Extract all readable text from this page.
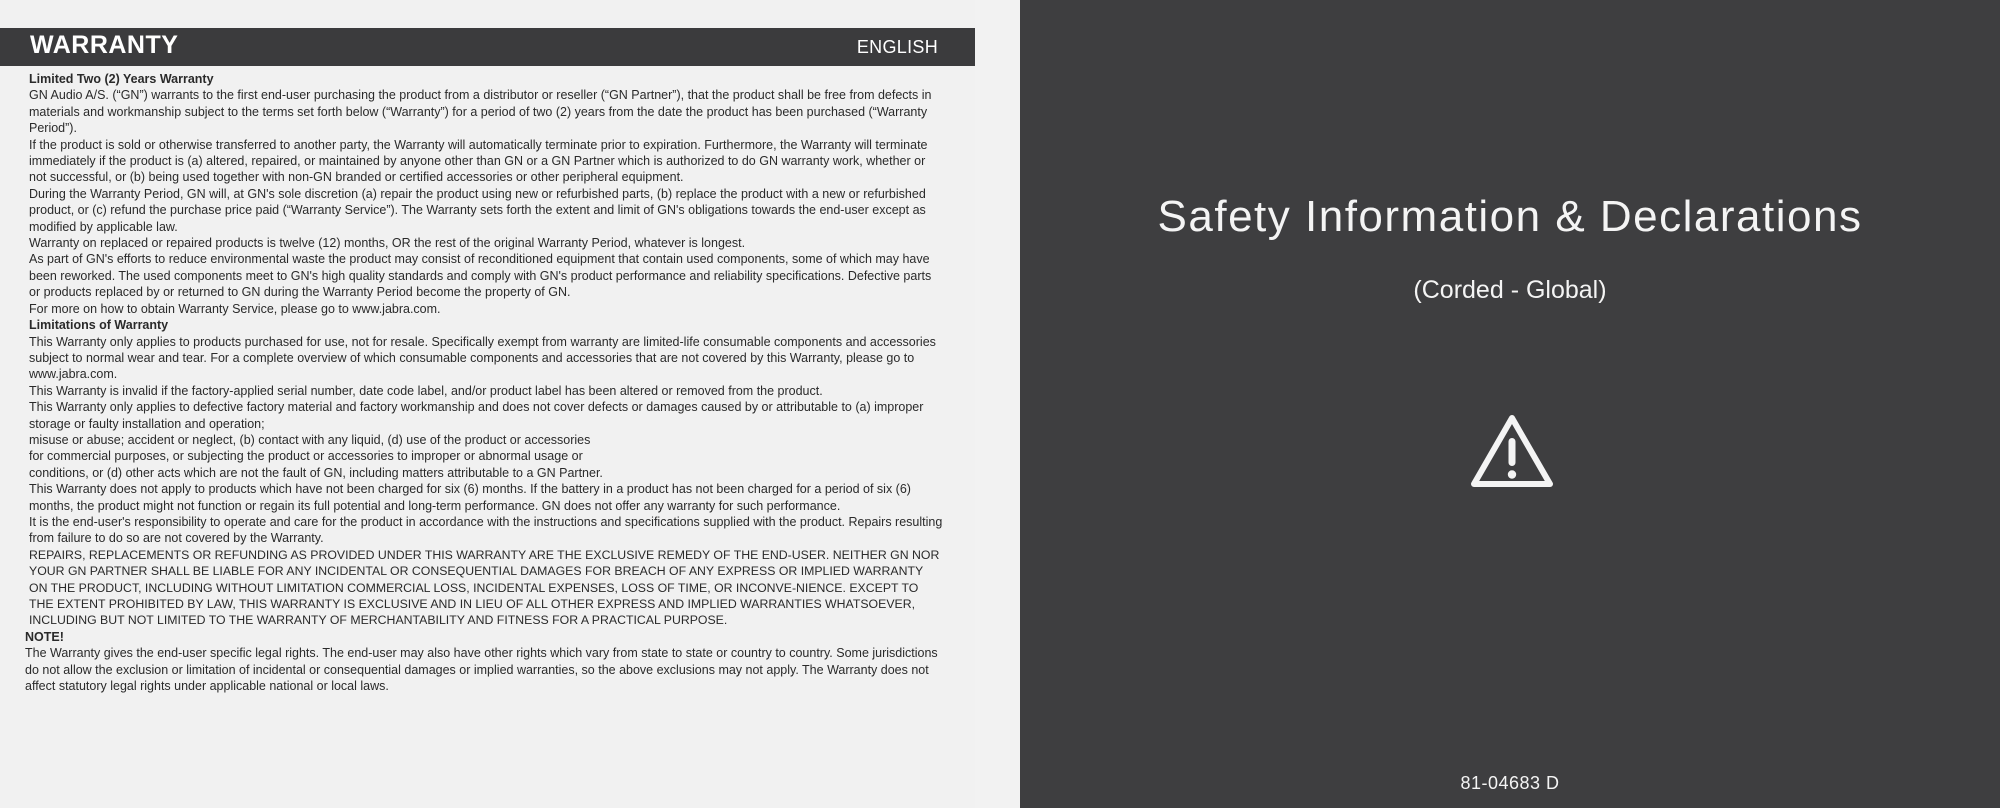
WARRANTY	ENGLISH

Limited Two (2) Years Warranty

GN Audio A/S. (“GN”) warrants to the first end-user purchasing the product from a distributor or reseller (“GN Partner”), that the product shall be free from defects in materials and workmanship subject to the terms set forth below (“Warranty”) for a period of two (2) years from the date the product has been purchased (“Warranty Period”).

If the product is sold or otherwise transferred to another party, the Warranty will automatically terminate prior to expiration. Furthermore, the Warranty will terminate immediately if the product is (a) altered, repaired, or maintained by anyone other than GN or a GN Partner which is authorized to do GN warranty work, whether or not successful, or (b) being used together with non-GN branded or certified accessories or other peripheral equipment.

During the Warranty Period, GN will, at GN's sole discretion (a) repair the product using new or refurbished parts, (b) replace the product with a new or refurbished product, or (c) refund the purchase price paid (“Warranty Service”). The Warranty sets forth the extent and limit of GN's obligations towards the end-user except as modified by applicable law.

Warranty on replaced or repaired products is twelve (12) months, OR the rest of the original Warranty Period, whatever is longest.

As part of GN's efforts to reduce environmental waste the product may consist of reconditioned equipment that contain used components, some of which may have been reworked. The used components meet to GN's high quality standards and comply with GN's product performance and reliability specifications. Defective parts or products replaced by or returned to GN during the Warranty Period become the property of GN.

For more on how to obtain Warranty Service, please go to www.jabra.com.

Limitations of Warranty

This Warranty only applies to products purchased for use, not for resale. Specifically exempt from warranty are limited-life consumable components and accessories subject to normal wear and tear. For a complete overview of which consumable components and accessories that are not covered by this Warranty, please go to www.jabra.com.

This Warranty is invalid if the factory-applied serial number, date code label, and/or product label has been altered or removed from the product.

This Warranty only applies to defective factory material and factory workmanship and does not cover defects or damages caused by or attributable to (a) improper storage or faulty installation and operation;

misuse or abuse; accident or neglect, (b) contact with any liquid, (d) use of the product or accessories

for commercial purposes, or subjecting the product or accessories to improper or abnormal usage or

conditions, or (d) other acts which are not the fault of GN, including matters attributable to a GN Partner.

This Warranty does not apply to products which have not been charged for six (6) months. If the battery in a product has not been charged for a period of six (6) months, the product might not function or regain its full potential and long-term performance. GN does not offer any warranty for such performance.

It is the end-user's responsibility to operate and care for the product in accordance with the instructions and specifications supplied with the product. Repairs resulting from failure to do so are not covered by the Warranty.

REPAIRS, REPLACEMENTS OR REFUNDING AS PROVIDED UNDER THIS WARRANTY ARE THE EXCLUSIVE REMEDY OF THE END-USER. NEITHER GN NOR YOUR GN PARTNER SHALL BE LIABLE FOR ANY INCIDENTAL OR CONSEQUENTIAL DAMAGES FOR BREACH OF ANY EXPRESS OR IMPLIED WARRANTY ON THE PRODUCT, INCLUDING WITHOUT LIMITATION COMMERCIAL LOSS, INCIDENTAL EXPENSES, LOSS OF TIME, OR INCONVE-NIENCE. EXCEPT TO THE EXTENT PROHIBITED BY LAW, THIS WARRANTY IS EXCLUSIVE AND IN LIEU OF ALL OTHER EXPRESS AND IMPLIED WARRANTIES WHATSOEVER, INCLUDING BUT NOT LIMITED TO THE WARRANTY OF MERCHANTABILITY AND FITNESS FOR A PRACTICAL PURPOSE.

NOTE!

The Warranty gives the end-user specific legal rights. The end-user may also have other rights which vary from state to state or country to country. Some jurisdictions do not allow the exclusion or limitation of incidental or consequential damages or implied warranties, so the above exclusions may not apply. The Warranty does not affect statutory legal rights under applicable national or local laws.

Safety Information & Declarations
(Corded - Global)
81-04683 D
